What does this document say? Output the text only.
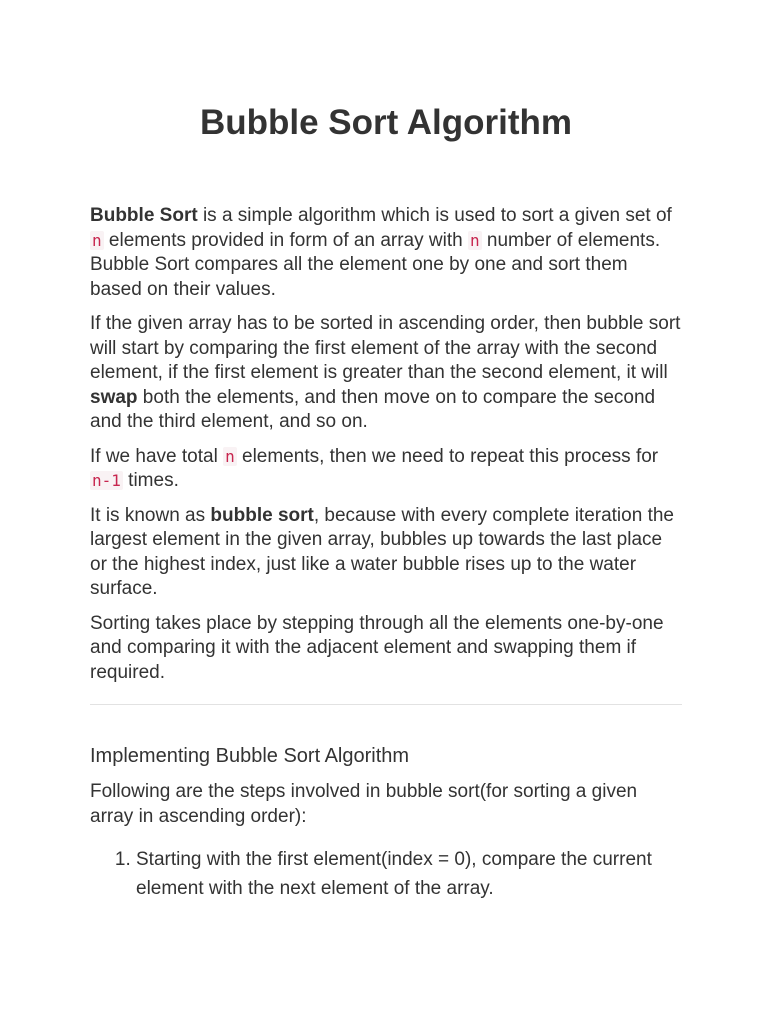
Bubble Sort Algorithm

Bubble Sort is a simple algorithm which is used to sort a given set of n elements provided in form of an array with n number of elements. Bubble Sort compares all the element one by one and sort them based on their values.

If the given array has to be sorted in ascending order, then bubble sort will start by comparing the first element of the array with the second element, if the first element is greater than the second element, it will swap both the elements, and then move on to compare the second and the third element, and so on.

If we have total n elements, then we need to repeat this process for n-1 times.

It is known as bubble sort, because with every complete iteration the largest element in the given array, bubbles up towards the last place or the highest index, just like a water bubble rises up to the water surface.

Sorting takes place by stepping through all the elements one-by-one and comparing it with the adjacent element and swapping them if required.

Implementing Bubble Sort Algorithm

Following are the steps involved in bubble sort(for sorting a given array in ascending order):

1. Starting with the first element(index = 0), compare the current element with the next element of the array.
